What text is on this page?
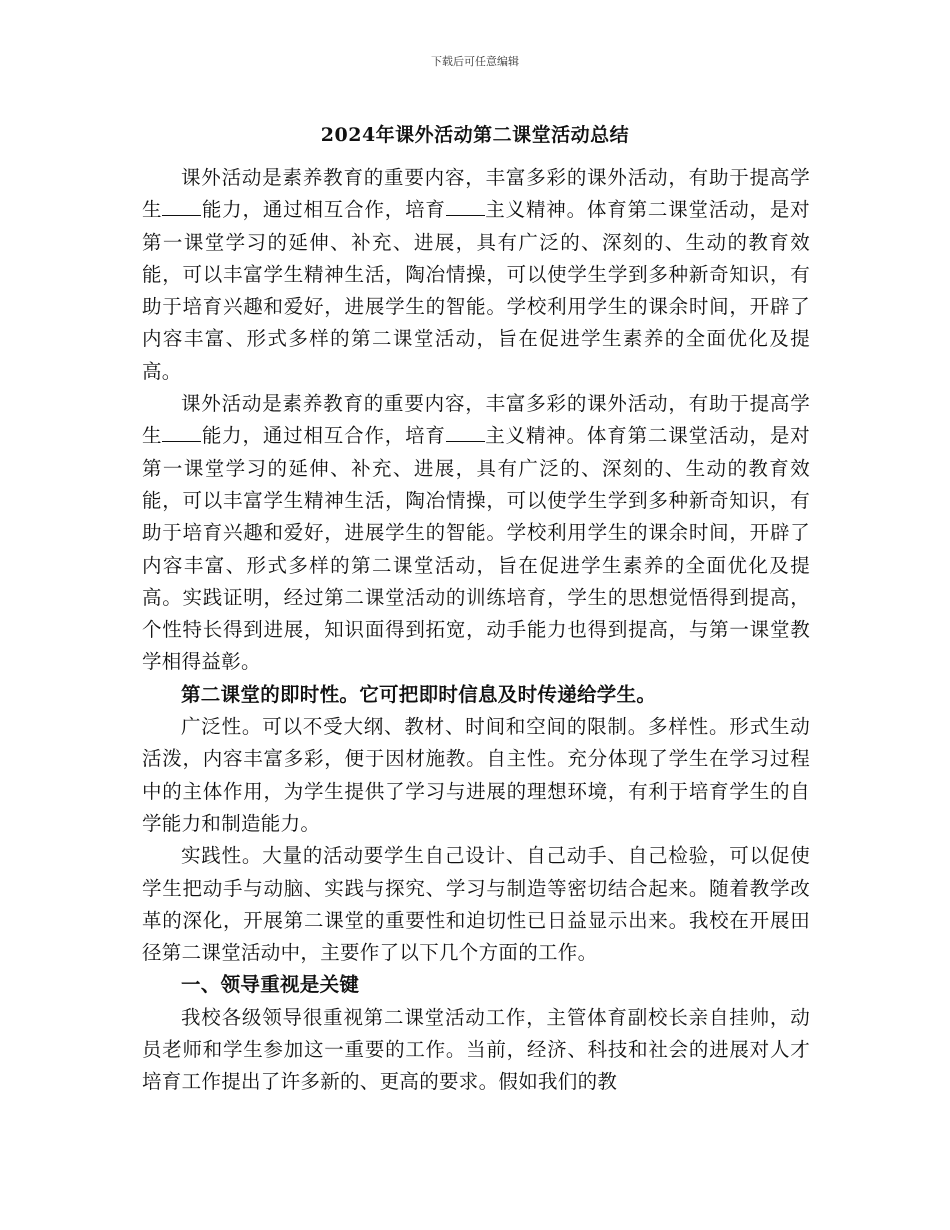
下载后可任意编辑
2024年课外活动第二课堂活动总结

课外活动是素养教育的重要内容，丰富多彩的课外活动，有助于提高学生 能力，通过相互合作，培育 主义精神。体育第二课堂活动，是对第一课堂学习的延伸、补充、进展，具有广泛的、深刻的、生动的教育效能，可以丰富学生精神生活，陶冶情操，可以使学生学到多种新奇知识，有助于培育兴趣和爱好，进展学生的智能。学校利用学生的课余时间，开辟了内容丰富、形式多样的第二课堂活动，旨在促进学生素养的全面优化及提高。

课外活动是素养教育的重要内容，丰富多彩的课外活动，有助于提高学生 能力，通过相互合作，培育 主义精神。体育第二课堂活动，是对第一课堂学习的延伸、补充、进展，具有广泛的、深刻的、生动的教育效能，可以丰富学生精神生活，陶冶情操，可以使学生学到多种新奇知识，有助于培育兴趣和爱好，进展学生的智能。学校利用学生的课余时间，开辟了内容丰富、形式多样的第二课堂活动，旨在促进学生素养的全面优化及提高。实践证明，经过第二课堂活动的训练培育，学生的思想觉悟得到提高，个性特长得到进展，知识面得到拓宽，动手能力也得到提高，与第一课堂教学相得益彰。

第二课堂的即时性。它可把即时信息及时传递给学生。

广泛性。可以不受大纲、教材、时间和空间的限制。多样性。形式生动活泼，内容丰富多彩，便于因材施教。自主性。充分体现了学生在学习过程中的主体作用，为学生提供了学习与进展的理想环境，有利于培育学生的自学能力和制造能力。

实践性。大量的活动要学生自己设计、自己动手、自己检验，可以促使学生把动手与动脑、实践与探究、学习与制造等密切结合起来。随着教学改革的深化，开展第二课堂的重要性和迫切性已日益显示出来。我校在开展田径第二课堂活动中，主要作了以下几个方面的工作。

一、领导重视是关键

我校各级领导很重视第二课堂活动工作，主管体育副校长亲自挂帅，动员老师和学生参加这一重要的工作。当前，经济、科技和社会的进展对人才培育工作提出了许多新的、更高的要求。假如我们的教
